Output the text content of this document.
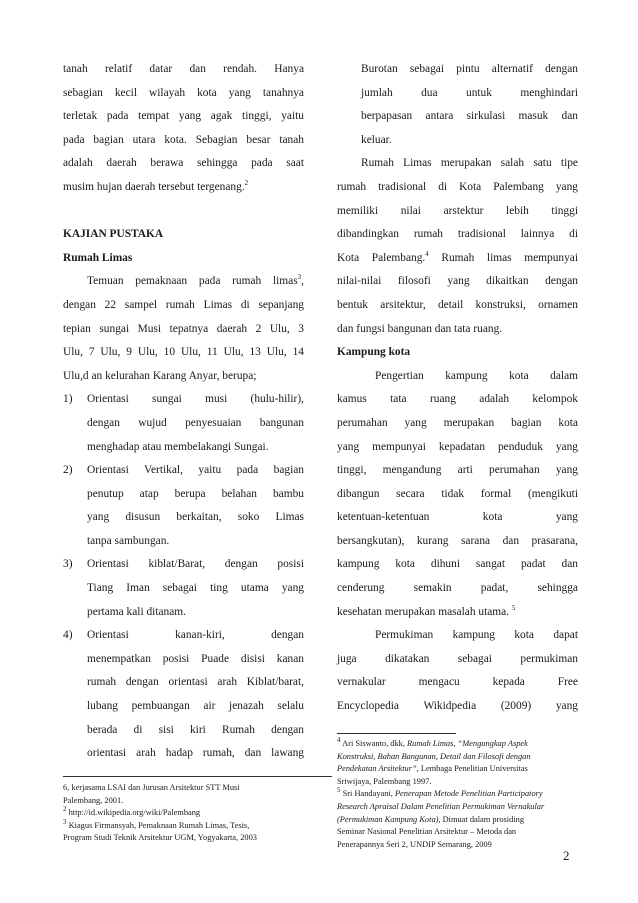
tanah relatif datar dan rendah. Hanya
sebagian kecil wilayah kota yang tanahnya
terletak pada tempat yang agak tinggi, yaitu
pada bagian utara kota. Sebagian besar tanah
adalah daerah berawa sehingga pada saat
musim hujan daerah tersebut tergenang.$^2$
KAJIAN PUSTAKA
Rumah Limas
Temuan pemaknaan pada rumah limas$^3$,
dengan 22 sampel rumah Limas di sepanjang
tepian sungai Musi tepatnya daerah 2 Ulu, 3
Ulu, 7 Ulu, 9 Ulu, 10 Ulu, 11 Ulu, 13 Ulu, 14
Ulu,d an kelurahan Karang Anyar, berupa;
1)	Orientasi sungai musi (hulu-hilir),
dengan wujud penyesuaian bangunan
menghadap atau membelakangi Sungai.
2)	Orientasi Vertikal, yaitu pada bagian
penutup atap berupa belahan bambu
yang disusun berkaitan, soko Limas
tanpa sambungan.
3)	Orientasi kiblat/Barat, dengan posisi
Tiang Iman sebagai ting utama yang
pertama kali ditanam.
4)	Orientasi kanan-kiri, dengan
menempatkan posisi Puade disisi kanan
rumah dengan orientasi arah Kiblat/barat,
lubang pembuangan air jenazah selalu
berada di sisi kiri Rumah dengan
orientasi arah hadap rumah, dan lawang
6, kerjasama LSAI dan Jurusan Arsitektur STT Musi
Palembang, 2001.
$^2$ http://id.wikipedia.org/wiki/Palembang
$^3$ Kiagus Firmansyah, Pemaknaan Rumah Limas, Tesis,
Program Studi Teknik Arsitektur UGM, Yogyakarta, 2003
Burotan sebagai pintu alternatif dengan
jumlah dua untuk menghindari
berpapasan antara sirkulasi masuk dan
keluar.
Rumah Limas merupakan salah satu tipe
rumah tradisional di Kota Palembang yang
memiliki nilai arstektur lebih tinggi
dibandingkan rumah tradisional lainnya di
Kota Palembang.$^4$ Rumah limas mempunyai
nilai-nilai filosofi yang dikaitkan dengan
bentuk arsitektur, detail konstruksi, ornamen
dan fungsi bangunan dan tata ruang.
Kampung kota
Pengertian kampung kota dalam
kamus tata ruang adalah kelompok
perumahan yang merupakan bagian kota
yang mempunyai kepadatan penduduk yang
tinggi, mengandung arti perumahan yang
dibangun secara tidak formal (mengikuti
ketentuan-ketentuan kota yang
bersangkutan), kurang sarana dan prasarana,
kampung kota dihuni sangat padat dan
cenderung semakin padat, sehingga
kesehatan merupakan masalah utama. $^5$
Permukiman kampung kota dapat
juga dikatakan sebagai permukiman
vernakular mengacu kepada Free
Encyclopedia Wikidpedia (2009) yang
$^4$ Ari Siswanto, dkk, Rumah Limas, “Mengungkap Aspek
Konstruksi, Bahan Bangunan, Detail dan Filosofi dengan
Pendekatan Arsitektur”, Lembaga Penelitian Universitas
Sriwijaya, Palembang 1997.
$^5$ Sri Handayani, Penerapan Metode Penelitian Participatory
Research Apraisal Dalam Penelitian Permukiman Vernakular
(Permukiman Kampung Kota), Dimuat dalam prosiding
Seminar Nasional Penelitian Arsitektur – Metoda dan
Penerapannya Seri 2, UNDIP Semarang, 2009
2
